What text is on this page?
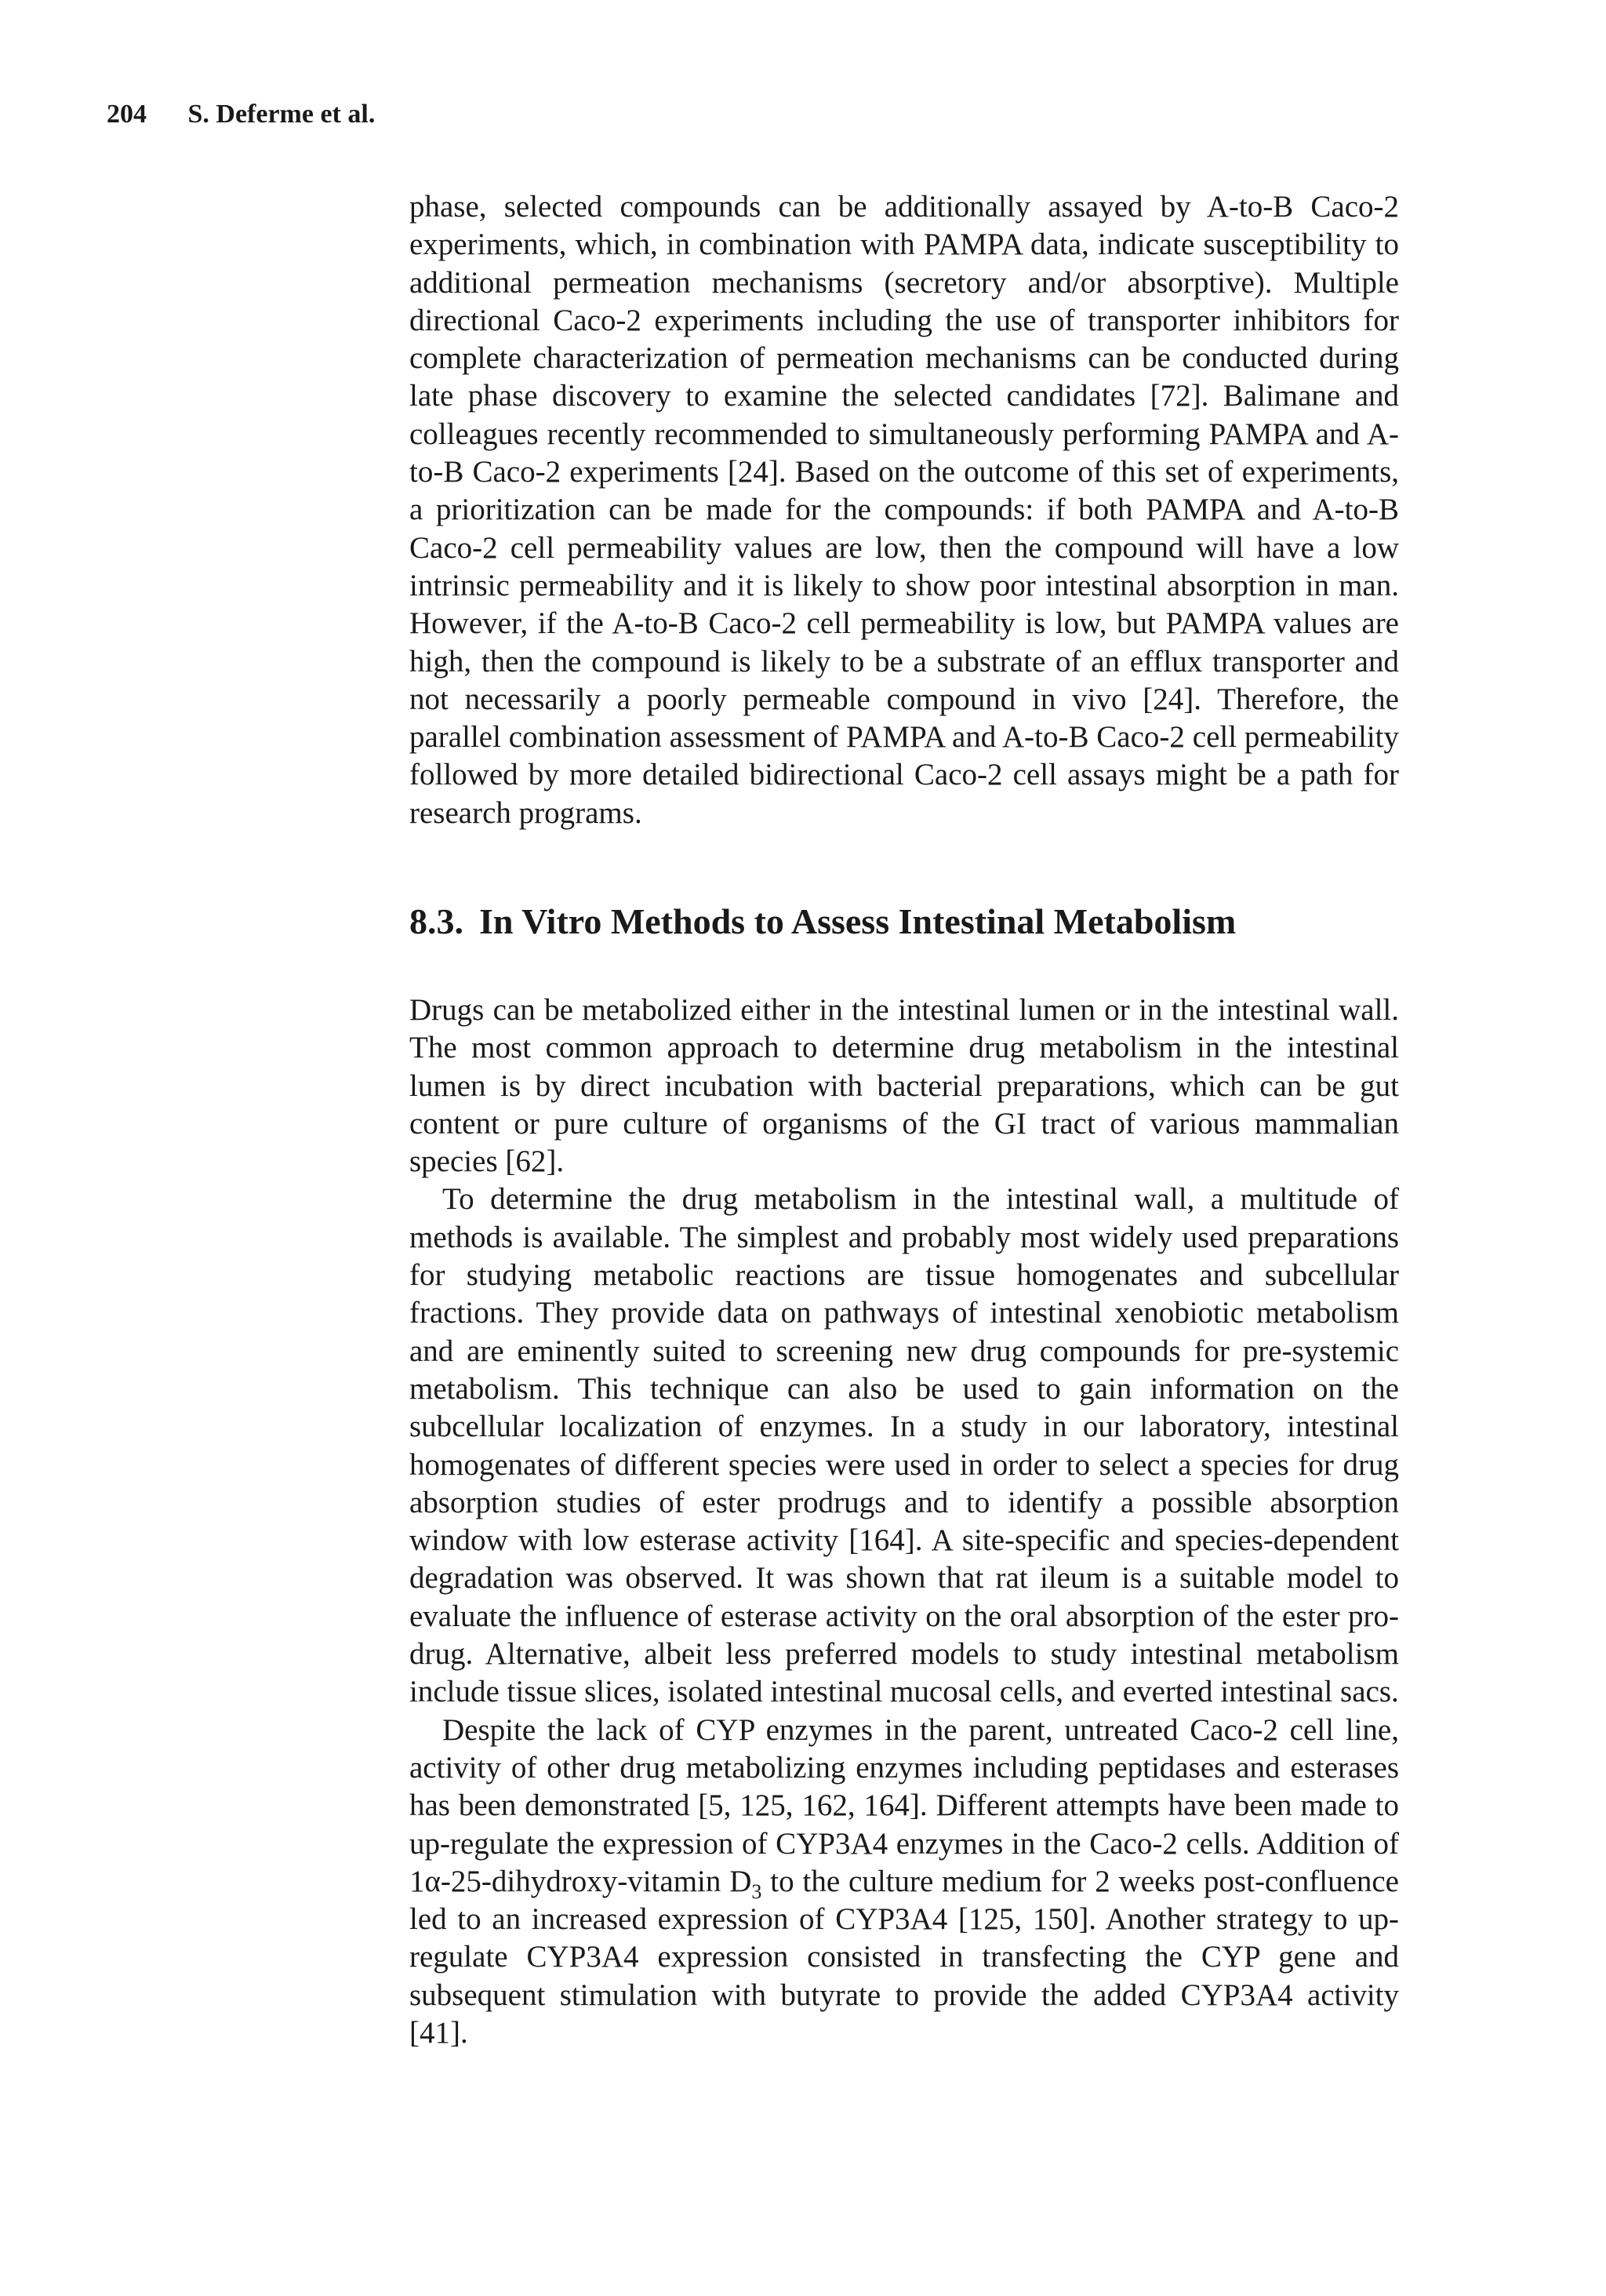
204 S. Deferme et al.

phase, selected compounds can be additionally assayed by A-to-B Caco-2 experiments, which, in combination with PAMPA data, indicate susceptibility to additional permeation mechanisms (secretory and/or absorptive). Multiple directional Caco-2 experiments including the use of transporter inhibitors for complete characterization of permeation mechanisms can be conducted during late phase discovery to examine the selected candidates [72]. Balimane and colleagues recently recommended to simultaneously performing PAMPA and A-to-B Caco-2 experiments [24]. Based on the outcome of this set of experiments, a prioritization can be made for the compounds: if both PAMPA and A-to-B Caco-2 cell permeability values are low, then the compound will have a low intrinsic permeability and it is likely to show poor intestinal absorption in man. However, if the A-to-B Caco-2 cell permeability is low, but PAMPA values are high, then the compound is likely to be a substrate of an efflux transporter and not necessarily a poorly permeable compound in vivo [24]. Therefore, the parallel combination assessment of PAMPA and A-to-B Caco-2 cell permeability followed by more detailed bidirectional Caco-2 cell assays might be a path for research programs.

8.3. In Vitro Methods to Assess Intestinal Metabolism

Drugs can be metabolized either in the intestinal lumen or in the intestinal wall. The most common approach to determine drug metabolism in the intestinal lumen is by direct incubation with bacterial preparations, which can be gut content or pure culture of organisms of the GI tract of various mammalian species [62].

To determine the drug metabolism in the intestinal wall, a multitude of methods is available. The simplest and probably most widely used preparations for studying metabolic reactions are tissue homogenates and subcellular fractions. They provide data on pathways of intestinal xenobiotic metabolism and are eminently suited to screening new drug compounds for pre-systemic metabolism. This technique can also be used to gain information on the subcellular localization of enzymes. In a study in our laboratory, intestinal homogenates of different species were used in order to select a species for drug absorption studies of ester prodrugs and to identify a possible absorption window with low esterase activity [164]. A site-specific and species-dependent degradation was observed. It was shown that rat ileum is a suitable model to evaluate the influence of esterase activity on the oral absorption of the ester prodrug. Alternative, albeit less preferred models to study intestinal metabolism include tissue slices, isolated intestinal mucosal cells, and everted intestinal sacs.

Despite the lack of CYP enzymes in the parent, untreated Caco-2 cell line, activity of other drug metabolizing enzymes including peptidases and esterases has been demonstrated [5, 125, 162, 164]. Different attempts have been made to up-regulate the expression of CYP3A4 enzymes in the Caco-2 cells. Addition of 1α-25-dihydroxy-vitamin $D_3$ to the culture medium for 2 weeks post-confluence led to an increased expression of CYP3A4 [125, 150]. Another strategy to up-regulate CYP3A4 expression consisted in transfecting the CYP gene and subsequent stimulation with butyrate to provide the added CYP3A4 activity [41].
